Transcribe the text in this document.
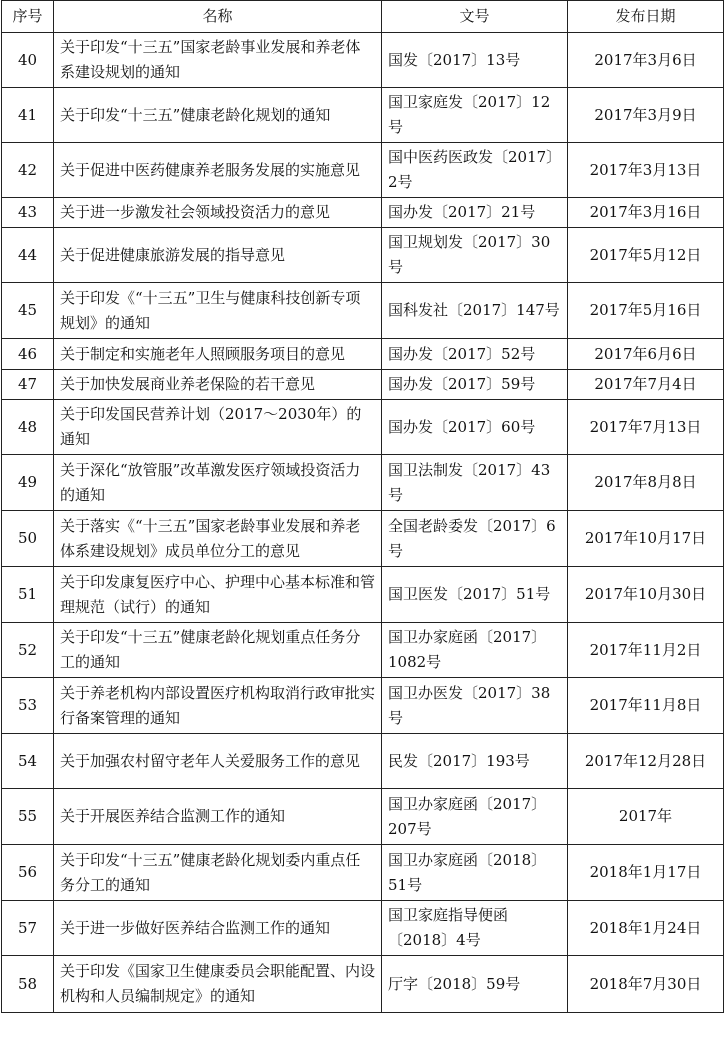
序号	名称	文号	发布日期
40	关于印发“十三五”国家老龄事业发展和养老体系建设规划的通知	国发〔2017〕13号	2017年3月6日
41	关于印发“十三五”健康老龄化规划的通知	国卫家庭发〔2017〕12号	2017年3月9日
42	关于促进中医药健康养老服务发展的实施意见	国中医药医政发〔2017〕2号	2017年3月13日
43	关于进一步激发社会领域投资活力的意见	国办发〔2017〕21号	2017年3月16日
44	关于促进健康旅游发展的指导意见	国卫规划发〔2017〕30号	2017年5月12日
45	关于印发《“十三五”卫生与健康科技创新专项规划》的通知	国科发社〔2017〕147号	2017年5月16日
46	关于制定和实施老年人照顾服务项目的意见	国办发〔2017〕52号	2017年6月6日
47	关于加快发展商业养老保险的若干意见	国办发〔2017〕59号	2017年7月4日
48	关于印发国民营养计划（2017～2030年）的通知	国办发〔2017〕60号	2017年7月13日
49	关于深化“放管服”改革激发医疗领域投资活力的通知	国卫法制发〔2017〕43号	2017年8月8日
50	关于落实《“十三五”国家老龄事业发展和养老体系建设规划》成员单位分工的意见	全国老龄委发〔2017〕6号	2017年10月17日
51	关于印发康复医疗中心、护理中心基本标准和管理规范（试行）的通知	国卫医发〔2017〕51号	2017年10月30日
52	关于印发“十三五”健康老龄化规划重点任务分工的通知	国卫办家庭函〔2017〕1082号	2017年11月2日
53	关于养老机构内部设置医疗机构取消行政审批实行备案管理的通知	国卫办医发〔2017〕38号	2017年11月8日
54	关于加强农村留守老年人关爱服务工作的意见	民发〔2017〕193号	2017年12月28日
55	关于开展医养结合监测工作的通知	国卫办家庭函〔2017〕207号	2017年
56	关于印发“十三五”健康老龄化规划委内重点任务分工的通知	国卫办家庭函〔2018〕51号	2018年1月17日
57	关于进一步做好医养结合监测工作的通知	国卫家庭指导便函〔2018〕4号	2018年1月24日
58	关于印发《国家卫生健康委员会职能配置、内设机构和人员编制规定》的通知	厅字〔2018〕59号	2018年7月30日
